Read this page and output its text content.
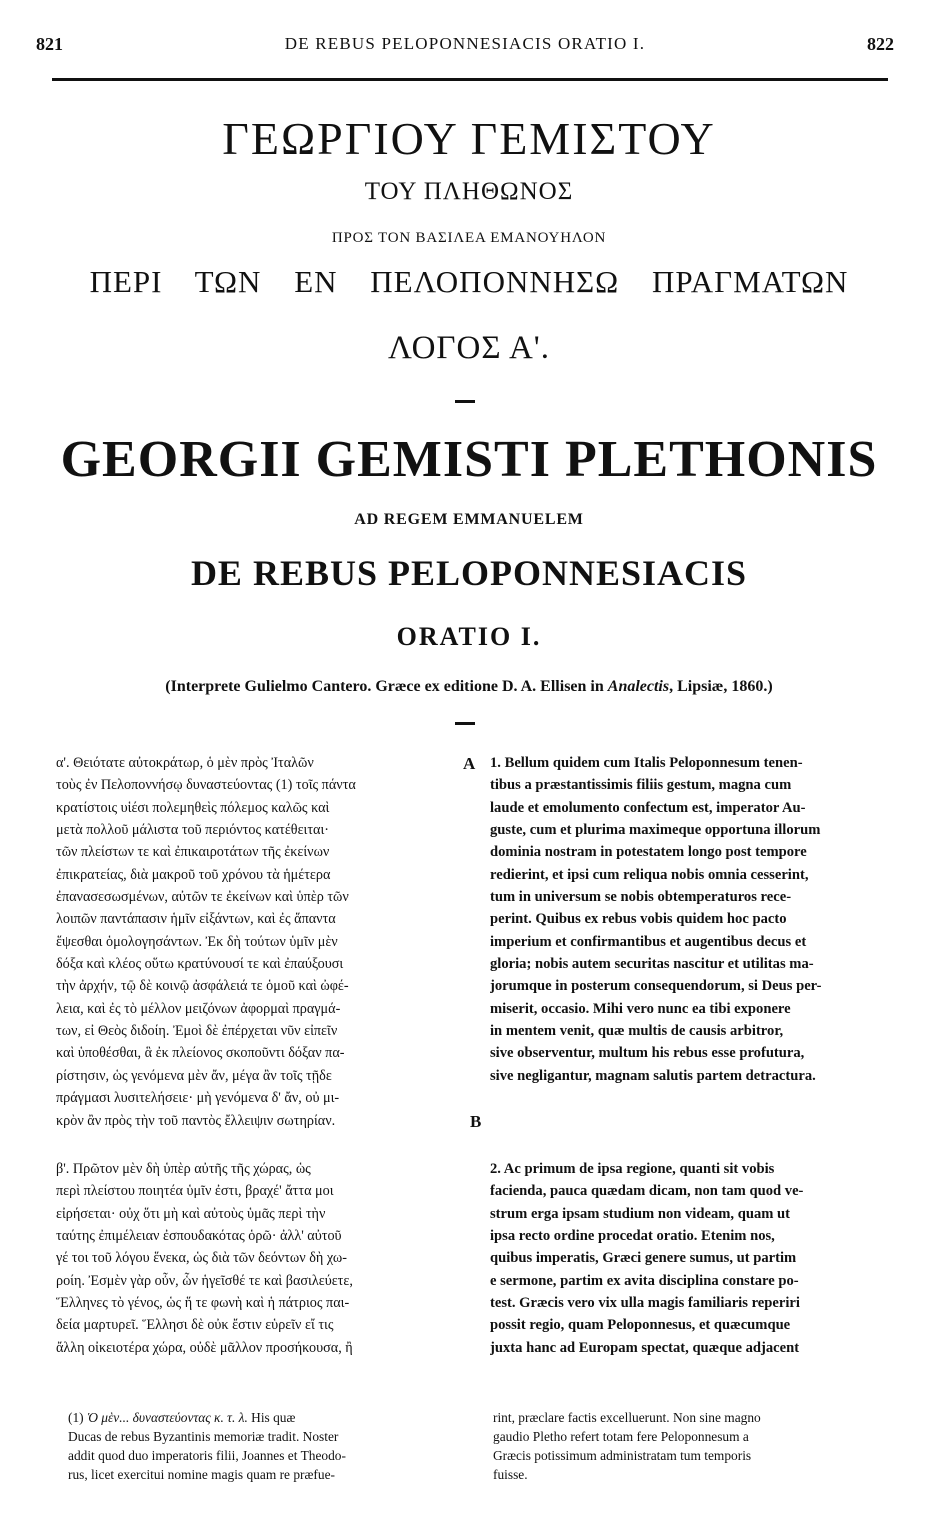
821	DE REBUS PELOPONNESIACIS ORATIO I.	822
ΓΕΩΡΓΙΟΥ ΓΕΜΙΣΤΟΥ
ΤΟΥ ΠΛΗΘΩΝΟΣ
ΠΡΟΣ ΤΟΝ ΒΑΣΙΛΕΑ ΕΜΑΝΟΥΗΛΟΝ
ΠΕΡΙ ΤΩΝ ΕΝ ΠΕΛΟΠΟΝΝΗΣΩ ΠΡΑΓΜΑΤΩΝ
ΛΟΓΟΣ Α'.
GEORGII GEMISTI PLETHONIS
AD REGEM EMMANUELEM
DE REBUS PELOPONNESIACIS
ORATIO I.
(Interprete Gulielmo Cantero. Græce ex editione D. A. Ellisen in Analectis, Lipsiæ, 1860.)
A
B
α'. Θειότατε αὐτοκράτωρ, ὁ μὲν πρὸς Ἰταλῶν
τοὺς ἐν Πελοποννήσῳ δυναστεύοντας (1) τοῖς πάντα
κρατίστοις υἱέσι πολεμηθεὶς πόλεμος καλῶς καὶ
μετὰ πολλοῦ μάλιστα τοῦ περιόντος κατέθειται·
τῶν πλείστων τε καὶ ἐπικαιροτάτων τῆς ἐκείνων
ἐπικρατείας, διὰ μακροῦ τοῦ χρόνου τὰ ἡμέτερα
ἐπανασεσωσμένων, αὐτῶν τε ἐκείνων καὶ ὑπὲρ τῶν
λοιπῶν παντάπασιν ἡμῖν εἰξάντων, καὶ ἐς ἅπαντα
ἕψεσθαι ὁμολογησάντων. Ἐκ δὴ τούτων ὑμῖν μὲν
δόξα καὶ κλέος οὕτω κρατύνουσί τε καὶ ἐπαύξουσι
τὴν ἀρχήν, τῷ δὲ κοινῷ ἀσφάλειά τε ὁμοῦ καὶ ὠφέ-
λεια, καὶ ἐς τὸ μέλλον μειζόνων ἀφορμαὶ πραγμά-
των, εἰ Θεὸς διδοίη. Ἐμοὶ δὲ ἐπέρχεται νῦν εἰπεῖν
καὶ ὑποθέσθαι, ἃ ἐκ πλείονος σκοποῦντι δόξαν πα-
ρίστησιν, ὡς γενόμενα μὲν ἄν, μέγα ἂν τοῖς τῇδε
πράγμασι λυσιτελήσειε· μὴ γενόμενα δ' ἄν, οὐ μι-
κρὸν ἂν πρὸς τὴν τοῦ παντὸς ἔλλειψιν σωτηρίαν.
1. Bellum quidem cum Italis Peloponnesum tenen-
tibus a præstantissimis filiis gestum, magna cum
laude et emolumento confectum est, imperator Au-
guste, cum et plurima maximeque opportuna illorum
dominia nostram in potestatem longo post tempore
redierint, et ipsi cum reliqua nobis omnia cesserint,
tum in universum se nobis obtemperaturos rece-
perint. Quibus ex rebus vobis quidem hoc pacto
imperium et confirmantibus et augentibus decus et
gloria; nobis autem securitas nascitur et utilitas ma-
jorumque in posterum consequendorum, si Deus per-
miserit, occasio. Mihi vero nunc ea tibi exponere
in mentem venit, quæ multis de causis arbitror,
sive observentur, multum his rebus esse profutura,
sive negligantur, magnam salutis partem detractura.
β'. Πρῶτον μὲν δὴ ὑπὲρ αὐτῆς τῆς χώρας, ὡς
περὶ πλείστου ποιητέα ὑμῖν ἐστι, βραχέ' ἄττα μοι
εἰρήσεται· οὐχ ὅτι μὴ καὶ αὐτοὺς ὑμᾶς περὶ τὴν
ταύτης ἐπιμέλειαν ἐσπουδακότας ὁρῶ· ἀλλ' αὐτοῦ
γέ τοι τοῦ λόγου ἕνεκα, ὡς διὰ τῶν δεόντων δὴ χω-
ροίη. Ἐσμὲν γὰρ οὖν, ὧν ἡγεῖσθέ τε καὶ βασιλεύετε,
Ἕλληνες τὸ γένος, ὡς ἥ τε φωνὴ καὶ ἡ πάτριος παι-
δεία μαρτυρεῖ. Ἕλλησι δὲ οὐκ ἔστιν εὑρεῖν εἴ τις
ἄλλη οἰκειοτέρα χώρα, οὐδὲ μᾶλλον προσήκουσα, ἢ
2. Ac primum de ipsa regione, quanti sit vobis
facienda, pauca quædam dicam, non tam quod ve-
strum erga ipsam studium non videam, quam ut
ipsa recto ordine procedat oratio. Etenim nos,
quibus imperatis, Græci genere sumus, ut partim
e sermone, partim ex avita disciplina constare po-
test. Græcis vero vix ulla magis familiaris reperiri
possit regio, quam Peloponnesus, et quæcumque
juxta hanc ad Europam spectat, quæque adjacent
(1) Ὁ μὲν... δυναστεύοντας κ. τ. λ. His quæ
Ducas de rebus Byzantinis memoriæ tradit. Noster
addit quod duo imperatoris filii, Joannes et Theodo-
rus, licet exercitui nomine magis quam re præfue-
rint, præclare factis excelluerunt. Non sine magno
gaudio Pletho refert totam fere Peloponnesum a
Græcis potissimum administratam tum temporis
fuisse.
